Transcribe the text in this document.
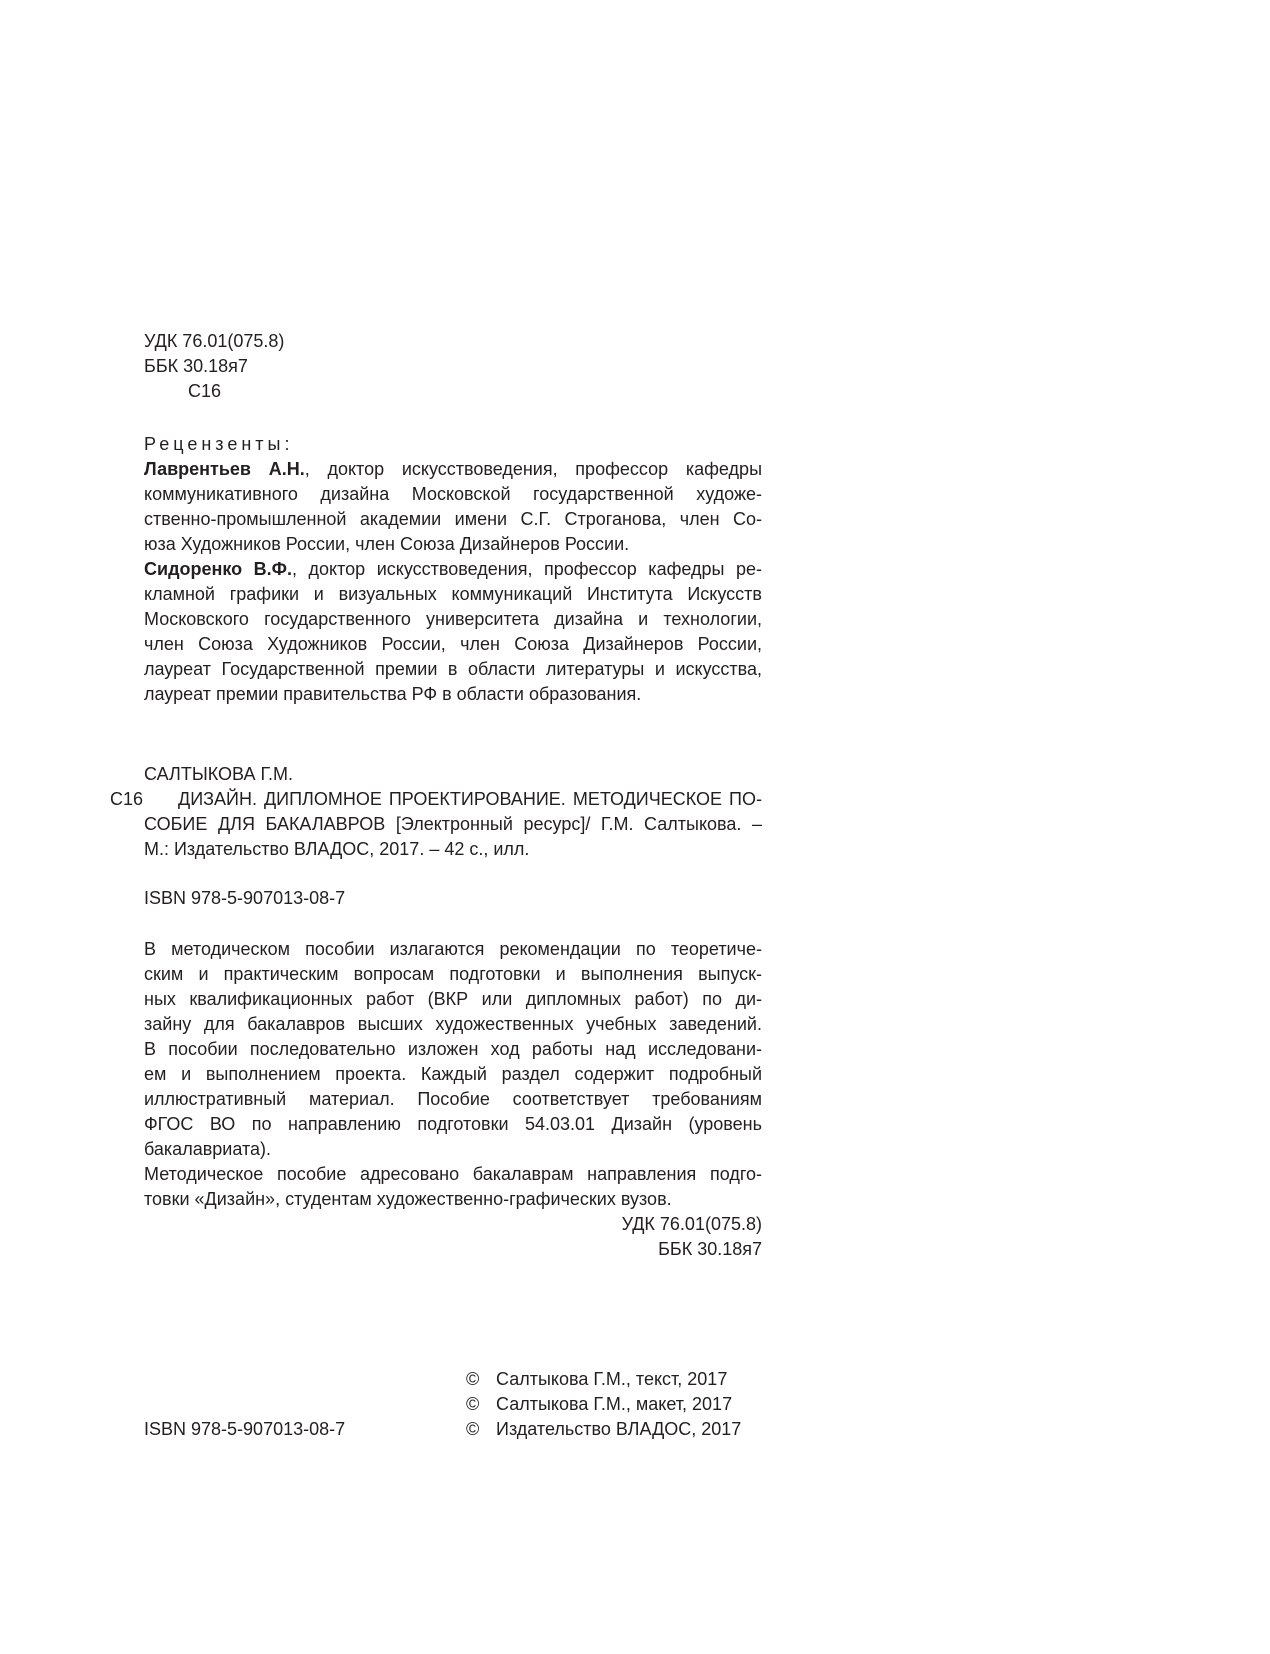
УДК 76.01(075.8)
ББК 30.18я7
С16
Рецензенты:
Лаврентьев А.Н., доктор искусствоведения, профессор кафедры
коммуникативного дизайна Московской государственной художе-
ственно-промышленной академии имени С.Г. Строганова, член Со-
юза Художников России, член Союза Дизайнеров России.
Сидоренко В.Ф., доктор искусствоведения, профессор кафедры ре-
кламной графики и визуальных коммуникаций Института Искусств
Московского государственного университета дизайна и технологии,
член Союза Художников России, член Союза Дизайнеров России,
лауреат Государственной премии в области литературы и искусства,
лауреат премии правительства РФ в области образования.
САЛТЫКОВА Г.М.
С16	ДИЗАЙН. ДИПЛОМНОЕ ПРОЕКТИРОВАНИЕ. МЕТОДИЧЕСКОЕ ПО-
СОБИЕ ДЛЯ БАКАЛАВРОВ [Электронный ресурс]/ Г.М. Салтыкова. –
М.: Издательство ВЛАДОС, 2017. – 42 с., илл.
ISBN 978-5-907013-08-7
В методическом пособии излагаются рекомендации по теоретиче-
ским и практическим вопросам подготовки и выполнения выпуск-
ных квалификационных работ (ВКР или дипломных работ) по ди-
зайну для бакалавров высших художественных учебных заведений.
В пособии последовательно изложен ход работы над исследовани-
ем и выполнением проекта. Каждый раздел содержит подробный
иллюстративный материал. Пособие соответствует требованиям
ФГОС ВО по направлению подготовки 54.03.01 Дизайн (уровень
бакалавриата).
Методическое пособие адресовано бакалаврам направления подго-
товки «Дизайн», студентам художественно-графических вузов.
УДК 76.01(075.8)
ББК 30.18я7
© Салтыкова Г.М., текст, 2017
© Салтыкова Г.М., макет, 2017
© Издательство ВЛАДОС, 2017
ISBN 978-5-907013-08-7
